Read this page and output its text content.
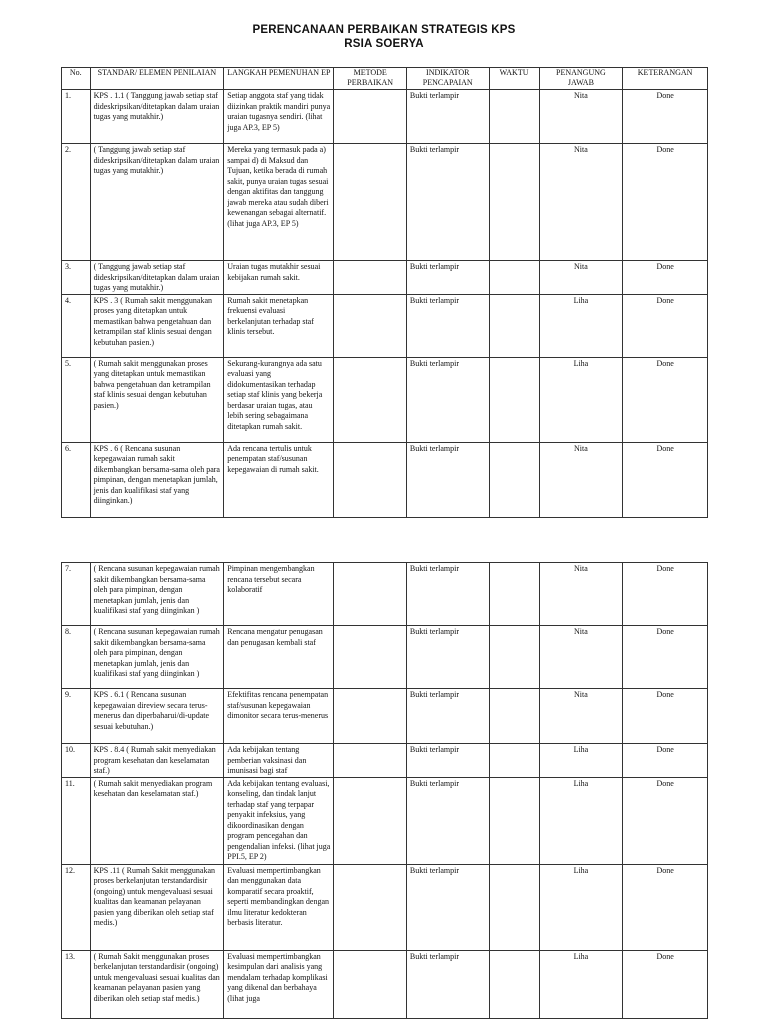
PERENCANAAN PERBAIKAN STRATEGIS KPS
RSIA SOERYA
No.	STANDAR/ ELEMEN PENILAIAN	LANGKAH PEMENUHAN EP	METODE PERBAIKAN	INDIKATOR PENCAPAIAN	WAKTU	PENANGUNG JAWAB	KETERANGAN
1.	KPS . 1.1 ( Tanggung jawab setiap staf dideskripsikan/ditetapkan dalam uraian tugas yang mutakhir.)	Setiap anggota staf yang tidak diizinkan praktik mandiri punya uraian tugasnya sendiri. (lihat juga AP.3, EP 5)		Bukti terlampir		Nita	Done
2.	( Tanggung jawab setiap staf dideskripsikan/ditetapkan dalam uraian tugas yang mutakhir.)	Mereka yang termasuk pada a) sampai d) di Maksud dan Tujuan, ketika berada di rumah sakit, punya uraian tugas sesuai dengan aktifitas dan tanggung jawab mereka atau sudah diberi kewenangan sebagai alternatif. (lihat juga AP.3, EP 5)		Bukti terlampir		Nita	Done
3.	( Tanggung jawab setiap staf dideskripsikan/ditetapkan dalam uraian tugas yang mutakhir.)	Uraian tugas mutakhir sesuai kebijakan rumah sakit.		Bukti terlampir		Nita	Done
4.	KPS . 3 ( Rumah sakit menggunakan proses yang ditetapkan untuk memastikan bahwa pengetahuan dan ketrampilan staf klinis sesuai dengan kebutuhan pasien.)	Rumah sakit menetapkan frekuensi evaluasi berkelanjutan terhadap staf klinis tersebut.		Bukti terlampir		Liha	Done
5.	( Rumah sakit menggunakan proses yang ditetapkan untuk memastikan bahwa pengetahuan dan ketrampilan staf klinis sesuai dengan kebutuhan pasien.)	Sekurang-kurangnya ada satu evaluasi yang didokumentasikan terhadap setiap staf klinis yang bekerja berdasar uraian tugas, atau lebih sering sebagaimana ditetapkan rumah sakit.		Bukti terlampir		Liha	Done
6.	KPS . 6 ( Rencana susunan kepegawaian rumah sakit dikembangkan bersama-sama oleh para pimpinan, dengan menetapkan jumlah, jenis dan kualifikasi staf yang diinginkan.)	Ada rencana tertulis untuk penempatan staf/susunan kepegawaian di rumah sakit.		Bukti terlampir		Nita	Done
7.	( Rencana susunan kepegawaian rumah sakit dikembangkan bersama-sama oleh para pimpinan, dengan menetapkan jumlah, jenis dan kualifikasi staf yang diinginkan )	Pimpinan mengembangkan rencana tersebut secara kolaboratif		Bukti terlampir		Nita	Done
8.	( Rencana susunan kepegawaian rumah sakit dikembangkan bersama-sama oleh para pimpinan, dengan menetapkan jumlah, jenis dan kualifikasi staf yang diinginkan )	Rencana mengatur penugasan dan penugasan kembali staf		Bukti terlampir		Nita	Done
9.	KPS . 6.1 ( Rencana susunan kepegawaian direview secara terus-menerus dan diperbaharui/di-update sesuai kebutuhan.)	Efektifitas rencana penempatan staf/susunan kepegawaian dimonitor secara terus-menerus		Bukti terlampir		Nita	Done
10.	KPS . 8.4 ( Rumah sakit menyediakan program kesehatan dan keselamatan staf.)	Ada kebijakan tentang pemberian vaksinasi dan imunisasi bagi staf		Bukti terlampir		Liha	Done
11.	( Rumah sakit menyediakan program kesehatan dan keselamatan staf.)	Ada kebijakan tentang evaluasi, konseling, dan tindak lanjut terhadap staf yang terpapar penyakit infeksius, yang dikoordinasikan dengan program pencegahan dan pengendalian infeksi. (lihat juga PPI.5, EP 2)		Bukti terlampir		Liha	Done
12.	KPS .11 ( Rumah Sakit menggunakan proses berkelanjutan terstandardisir (ongoing) untuk mengevaluasi sesuai kualitas dan keamanan pelayanan pasien yang diberikan oleh setiap staf medis.)	Evaluasi mempertimbangkan dan menggunakan data komparatif secara proaktif, seperti membandingkan dengan ilmu literatur kedokteran berbasis literatur.		Bukti terlampir		Liha	Done
13.	( Rumah Sakit menggunakan proses berkelanjutan terstandardisir (ongoing) untuk mengevaluasi sesuai kualitas dan keamanan pelayanan pasien yang diberikan oleh setiap staf medis.)	Evaluasi mempertimbangkan kesimpulan dari analisis yang mendalam terhadap komplikasi yang dikenal dan berbahaya (lihat juga		Bukti terlampir		Liha	Done
